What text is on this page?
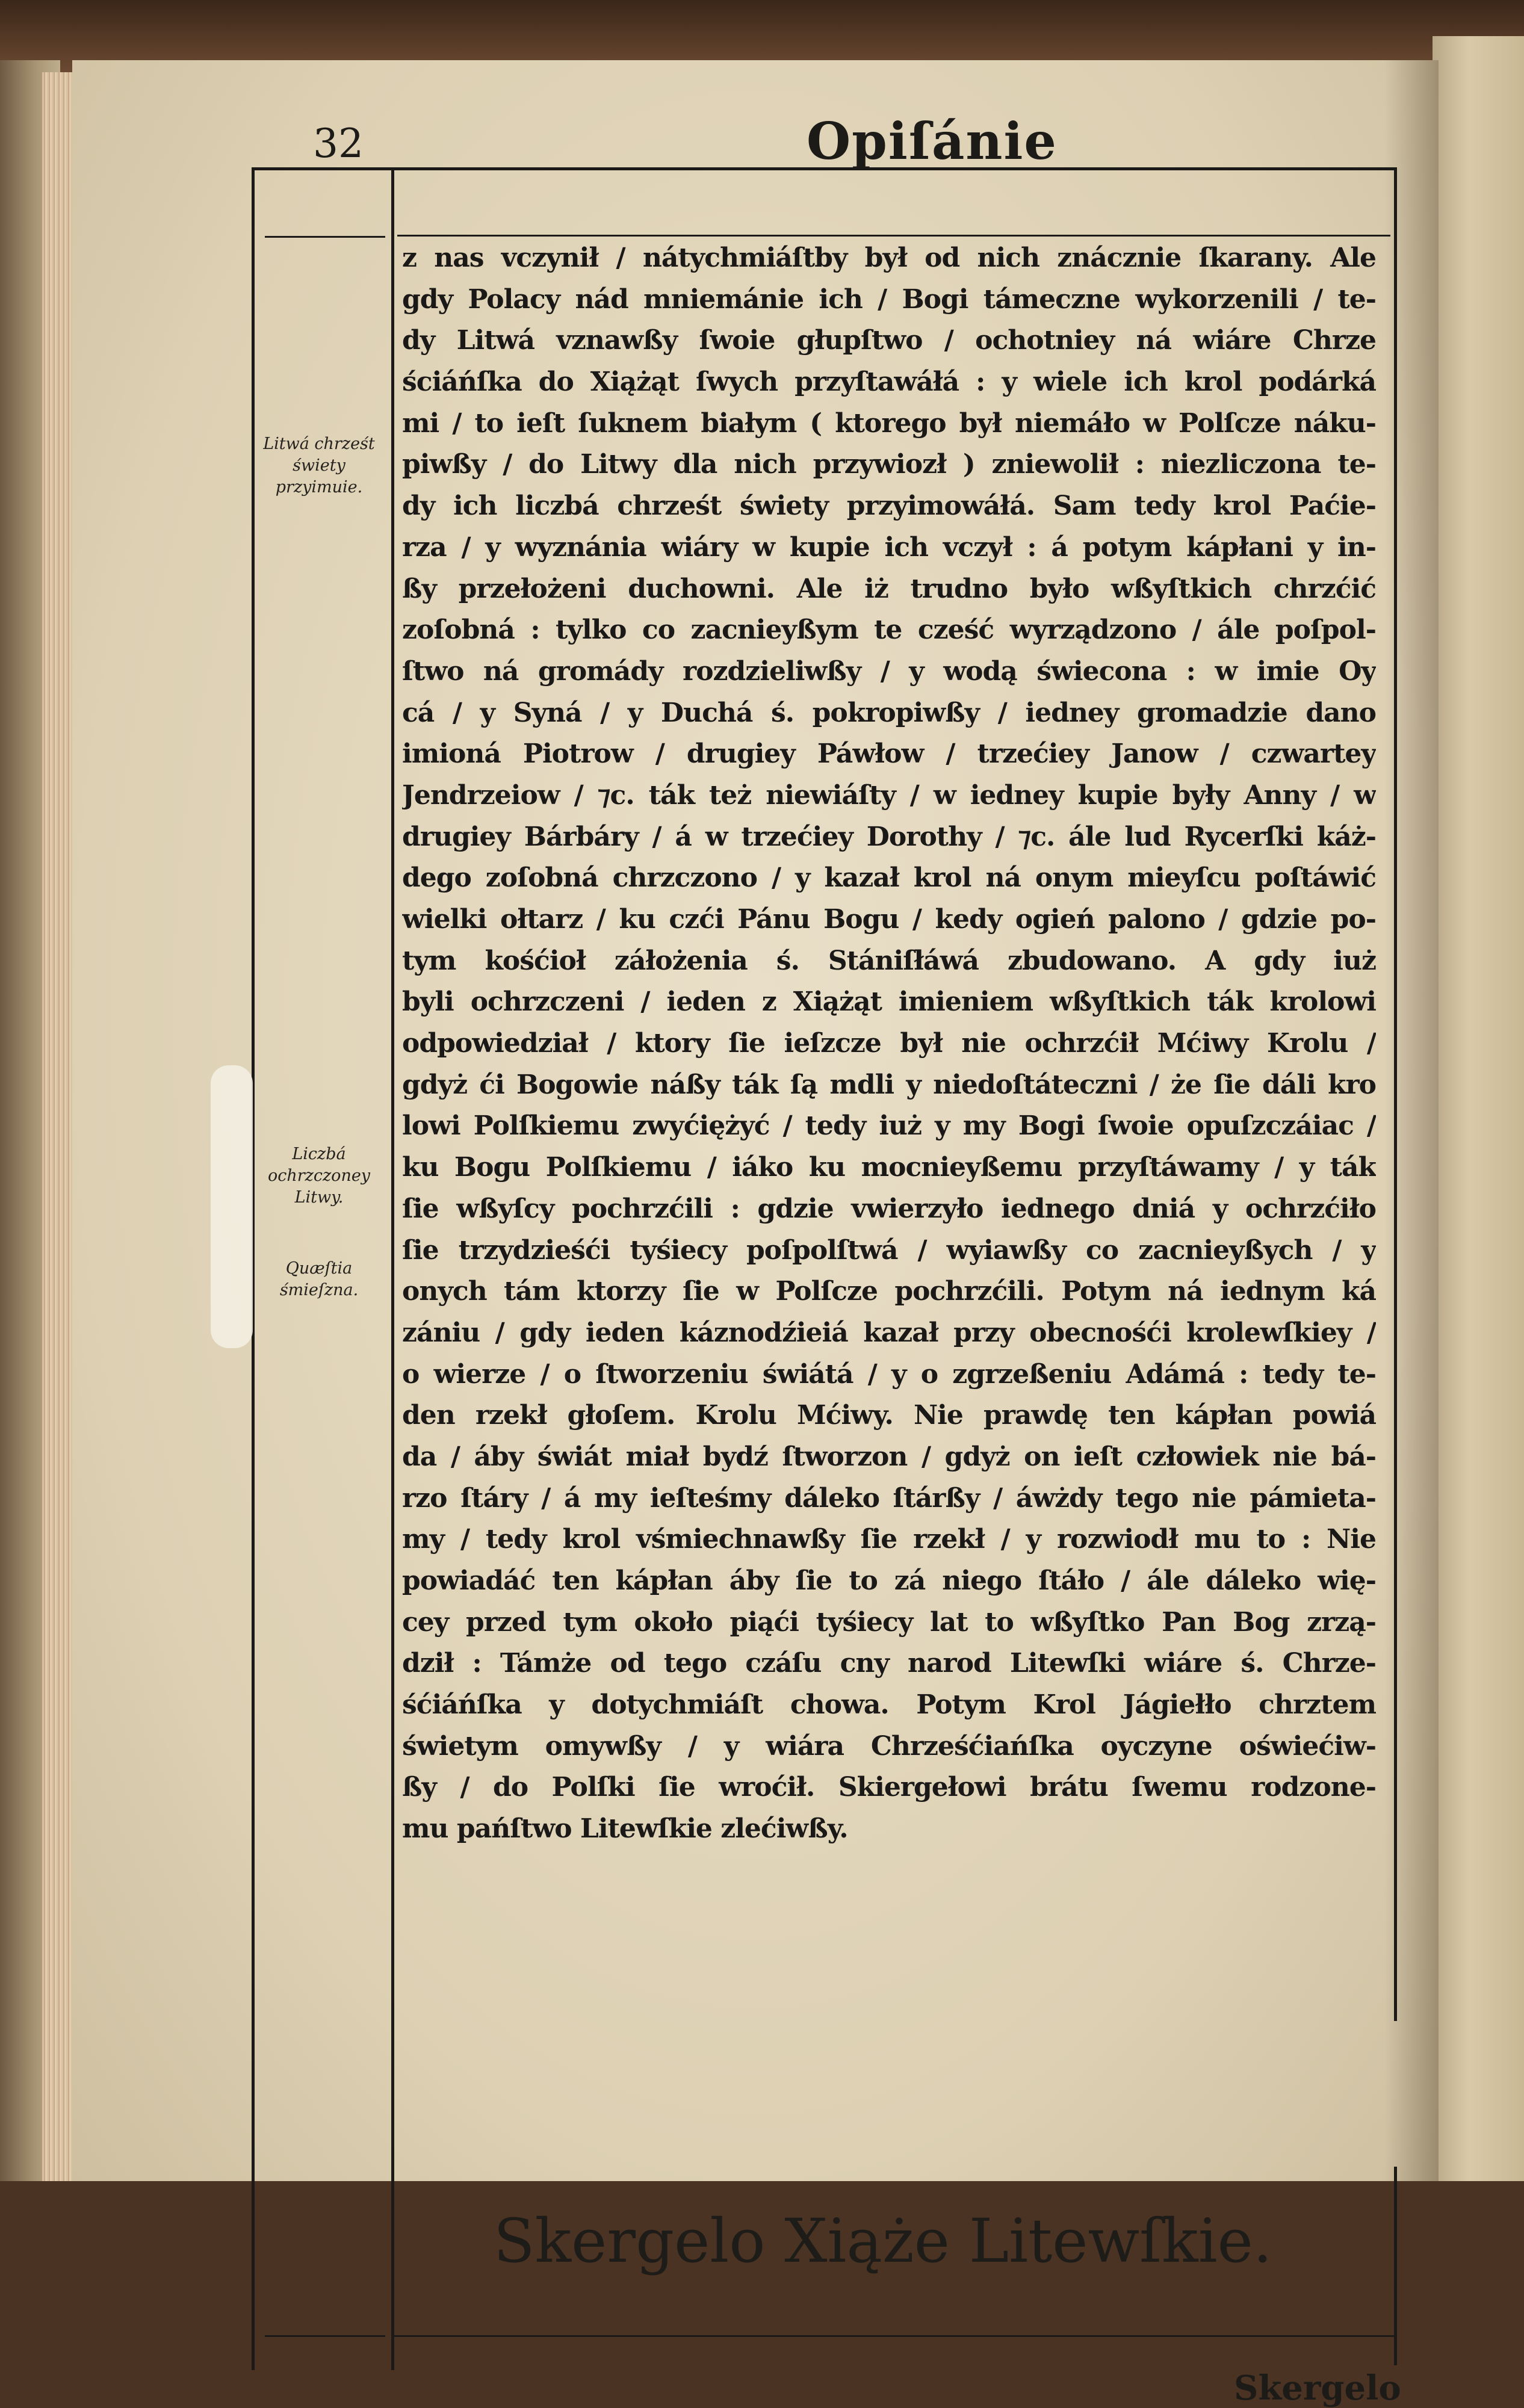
32	Opiſánie
z nas vczynił / nátychmiáſtby był od nich znácznie ſkarany. Ale
gdy Polacy nád mniemánie ich / Bogi támeczne wykorzenili / te-
dy Litwá vznawßy ſwoie głupſtwo / ochotniey ná wiáre Chrze
ściáńſka do Xiążąt ſwych przyſtawáłá : y wiele ich krol podárká
mi / to ieſt ſuknem białym ( ktorego był niemáło w Polſcze náku-
piwßy / do Litwy dla nich przywiozł ) zniewolił : niezliczona te-
dy ich liczbá chrześt świety przyimowáłá. Sam tedy krol Paćie-
rza / y wyznánia wiáry w kupie ich vczył : á potym kápłani y in-
ßy przełożeni duchowni. Ale iż trudno było wßyſtkich chrzćić
zoſobná : tylko co zacnieyßym te cześć wyrządzono / ále poſpol-
ſtwo ná gromády rozdzieliwßy / y wodą świecona : w imie Oy
cá / y Syná / y Duchá ś. pokropiwßy / iedney gromadzie dano
imioná Piotrow / drugiey Páwłow / trzećiey Janow / czwartey
Jendrzeiow / ⁊c. ták też niewiáſty / w iedney kupie były Anny / w
drugiey Bárbáry / á w trzećiey Dorothy / ⁊c. ále lud Rycerſki káż-
dego zoſobná chrzczono / y kazał krol ná onym mieyſcu poſtáwić
wielki ołtarz / ku czći Pánu Bogu / kedy ogień palono / gdzie po-
tym kośćioł záłożenia ś. Stániſłáwá zbudowano. A gdy iuż
byli ochrzczeni / ieden z Xiążąt imieniem wßyſtkich ták krolowi
odpowiedział / ktory ſie ieſzcze był nie ochrzćił Mćiwy Krolu /
gdyż ći Bogowie náßy ták ſą mdli y niedoſtáteczni / że ſie dáli kro
lowi Polſkiemu zwyćiężyć / tedy iuż y my Bogi ſwoie opuſzczáiac /
ku Bogu Polſkiemu / iáko ku mocnieyßemu przyſtáwamy / y ták
ſie wßyſcy pochrzćili : gdzie vwierzyło iednego dniá y ochrzćiło
ſie trzydzieśći tyśiecy poſpolſtwá / wyiawßy co zacnieyßych / y
onych tám ktorzy ſie w Polſcze pochrzćili. Potym ná iednym ká
zániu / gdy ieden káznodźieiá kazał przy obecnośći krolewſkiey /
o wierze / o ſtworzeniu świátá / y o zgrzeßeniu Adámá : tedy te-
den rzekł głoſem. Krolu Mćiwy. Nie prawdę ten kápłan powiá
da / áby świát miał bydź ſtworzon / gdyż on ieſt człowiek nie bá-
rzo ſtáry / á my ieſteśmy dáleko ſtárßy / áwżdy tego nie pámieta-
my / tedy krol vśmiechnawßy ſie rzekł / y rozwiodł mu to : Nie
powiadáć ten kápłan áby ſie to zá niego ſtáło / ále dáleko wię-
cey przed tym około piąći tyśiecy lat to wßyſtko Pan Bog zrzą-
dził : Támże od tego czáſu cny narod Litewſki wiáre ś. Chrze-
śćiáńſka y dotychmiáſt chowa. Potym Krol Jágiełło chrztem
świetym omywßy / y wiára Chrześćiańſka oyczyne oświećiw-
ßy / do Polſki ſie wroćił. Skiergełowi brátu ſwemu rodzone-
mu pańſtwo Litewſkie zlećiwßy.
Litwá chrześt świety przyimuie.
Liczbá ochrzczoney Litwy.
Quæſtia śmieſzna.
Skergelo Xiąże Litewſkie.
Skergelo
